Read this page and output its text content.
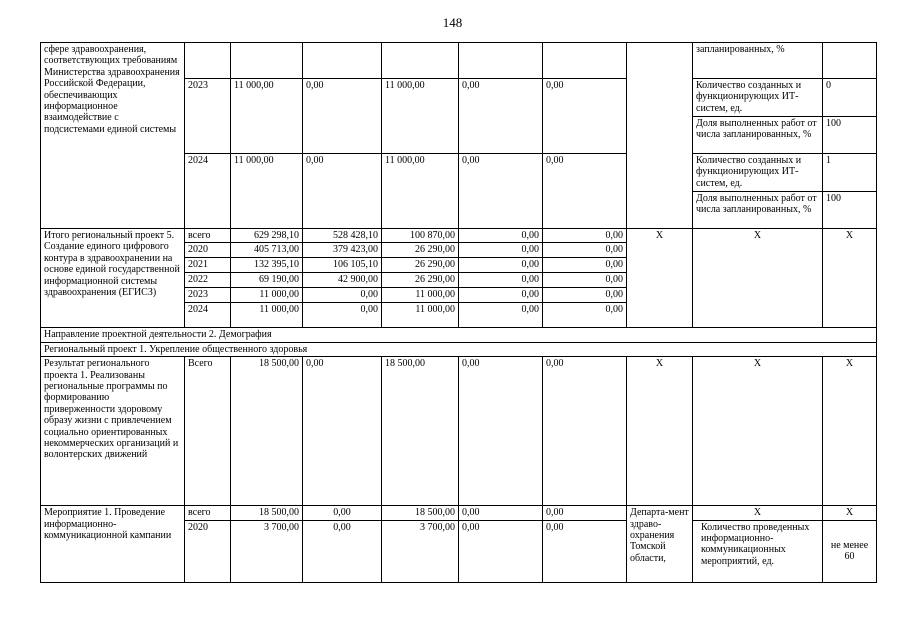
148
сфере здравоохранения, соответствующих требованиям Министерства здравоохранения Российской Федерации, обеспечивающих информационное взаимодействие с подсистемами единой системы								запланированных, %	
	2023	11 000,00	0,00	11 000,00	0,00	0,00		Количество созданных и функционирующих ИТ-систем, ед.	0
								Доля выполненных работ от числа запланированных, %	100
	2024	11 000,00	0,00	11 000,00	0,00	0,00		Количество созданных и функционирующих ИТ-систем, ед.	1
								Доля выполненных работ от числа запланированных, %	100
Итого региональный проект 5. Создание единого цифрового контура в здравоохранении на основе единой государственной информационной системы здравоохранения (ЕГИСЗ)	всего	629 298,10	528 428,10	100 870,00	0,00	0,00	Х	Х	Х
	2020	405 713,00	379 423,00	26 290,00	0,00	0,00			
	2021	132 395,10	106 105,10	26 290,00	0,00	0,00			
	2022	69 190,00	42 900,00	26 290,00	0,00	0,00			
	2023	11 000,00	0,00	11 000,00	0,00	0,00			
	2024	11 000,00	0,00	11 000,00	0,00	0,00			
Направление проектной деятельности 2. Демография									
Региональный проект 1. Укрепление общественного здоровья									
Результат регионального проекта 1. Реализованы региональные программы по формированию приверженности здоровому образу жизни с привлечением социально ориентированных некоммерческих организаций и волонтерских движений	Всего	18 500,00	0,00	18 500,00	0,00	0,00	Х	Х	Х
Мероприятие 1. Проведение информационно-коммуникационной кампании	всего	18 500,00	0,00	18 500,00	0,00	0,00	Департа-мент здраво-охранения Томской области,	Х	Х
	2020	3 700,00	0,00	3 700,00	0,00	0,00		Количество проведенных информационно-коммуникационных мероприятий, ед.	не менее 60
